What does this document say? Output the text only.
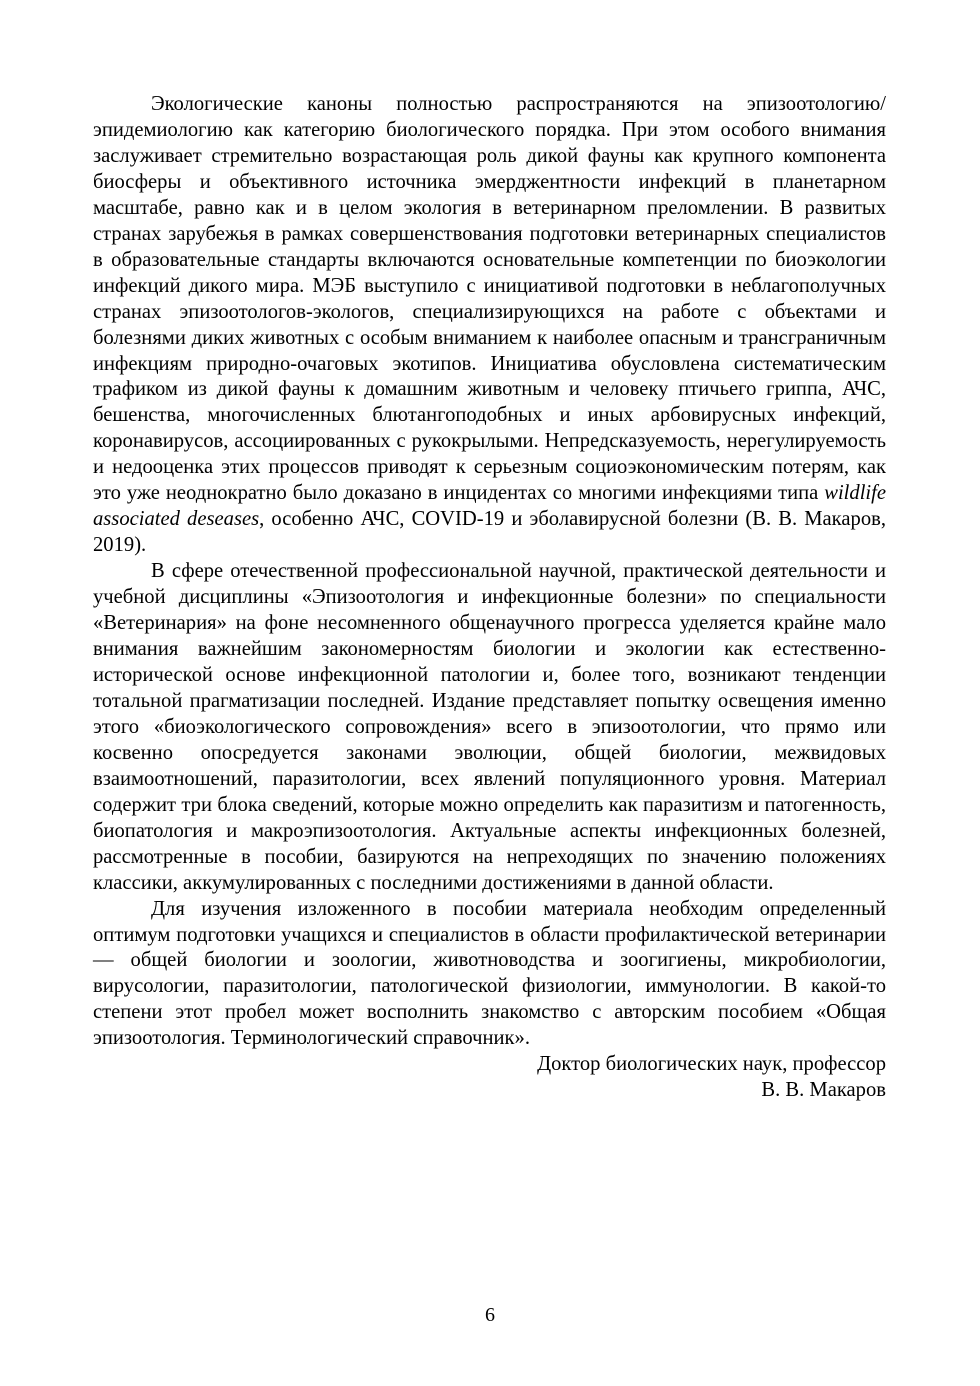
Экологические каноны полностью распространяются на эпизоотологию/эпидемиологию как категорию биологического порядка. При этом особого внимания заслуживает стремительно возрастающая роль дикой фауны как крупного компонента биосферы и объективного источника эмерджентности инфекций в планетарном масштабе, равно как и в целом экология в ветеринарном преломлении. В развитых странах зарубежья в рамках совершенствования подготовки ветеринарных специалистов в образовательные стандарты включаются основательные компетенции по биоэкологии инфекций дикого мира. МЭБ выступило с инициативой подготовки в неблагополучных странах эпизоотологов-экологов, специализирующихся на работе с объектами и болезнями диких животных с особым вниманием к наиболее опасным и трансграничным инфекциям природно-очаговых экотипов. Инициатива обусловлена систематическим трафиком из дикой фауны к домашним животным и человеку птичьего гриппа, АЧС, бешенства, многочисленных блютангоподобных и иных арбовирусных инфекций, коронавирусов, ассоциированных с рукокрылыми. Непредсказуемость, нерегулируемость и недооценка этих процессов приводят к серьезным социоэкономическим потерям, как это уже неоднократно было доказано в инцидентах со многими инфекциями типа wildlife associated deseases, особенно АЧС, COVID-19 и эболавирусной болезни (В. В. Макаров, 2019).

В сфере отечественной профессиональной научной, практической деятельности и учебной дисциплины «Эпизоотология и инфекционные болезни» по специальности «Ветеринария» на фоне несомненного общенаучного прогресса уделяется крайне мало внимания важнейшим закономерностям биологии и экологии как естественно-исторической основе инфекционной патологии и, более того, возникают тенденции тотальной прагматизации последней. Издание представляет попытку освещения именно этого «биоэкологического сопровождения» всего в эпизоотологии, что прямо или косвенно опосредуется законами эволюции, общей биологии, межвидовых взаимоотношений, паразитологии, всех явлений популяционного уровня. Материал содержит три блока сведений, которые можно определить как паразитизм и патогенность, биопатология и макроэпизоотология. Актуальные аспекты инфекционных болезней, рассмотренные в пособии, базируются на непреходящих по значению положениях классики, аккумулированных с последними достижениями в данной области.

Для изучения изложенного в пособии материала необходим определенный оптимум подготовки учащихся и специалистов в области профилактической ветеринарии — общей биологии и зоологии, животноводства и зоогигиены, микробиологии, вирусологии, паразитологии, патологической физиологии, иммунологии. В какой-то степени этот пробел может восполнить знакомство с авторским пособием «Общая эпизоотология. Терминологический справочник».

Доктор биологических наук, профессор

В. В. Макаров

6
